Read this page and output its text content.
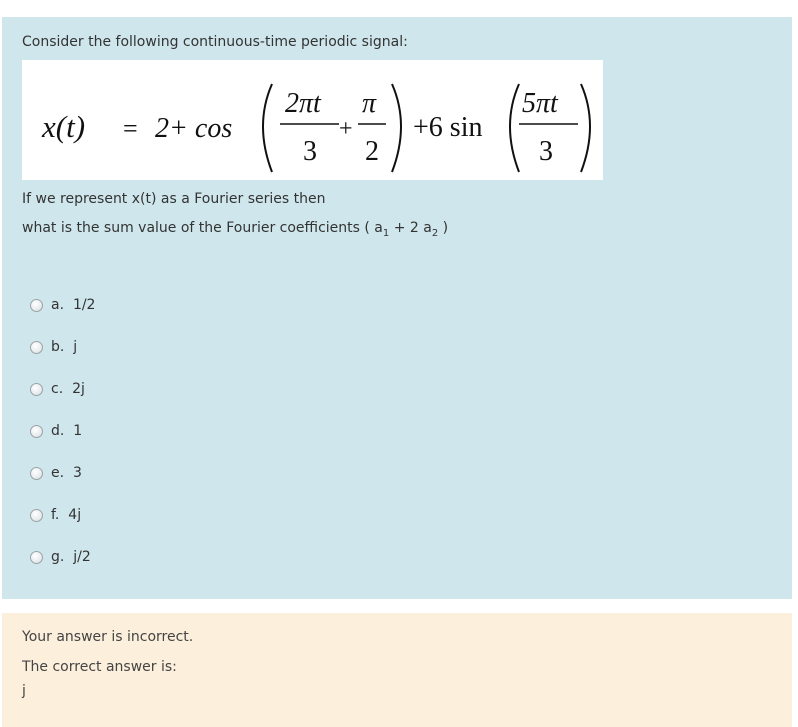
Consider the following continuous-time periodic signal:
x(t) = 2+ cos
2πt
3
+
π
2
+6 sin
5πt
3
If we represent x(t) as a Fourier series then
what is the sum value of the Fourier coefficients ( $a_1 + 2$ $a_2$ )
a.
1/2
b.
j
c.
2j
d.
1
e.
3
f.
4j
g.
j/2
Your answer is incorrect.
The correct answer is:
j
